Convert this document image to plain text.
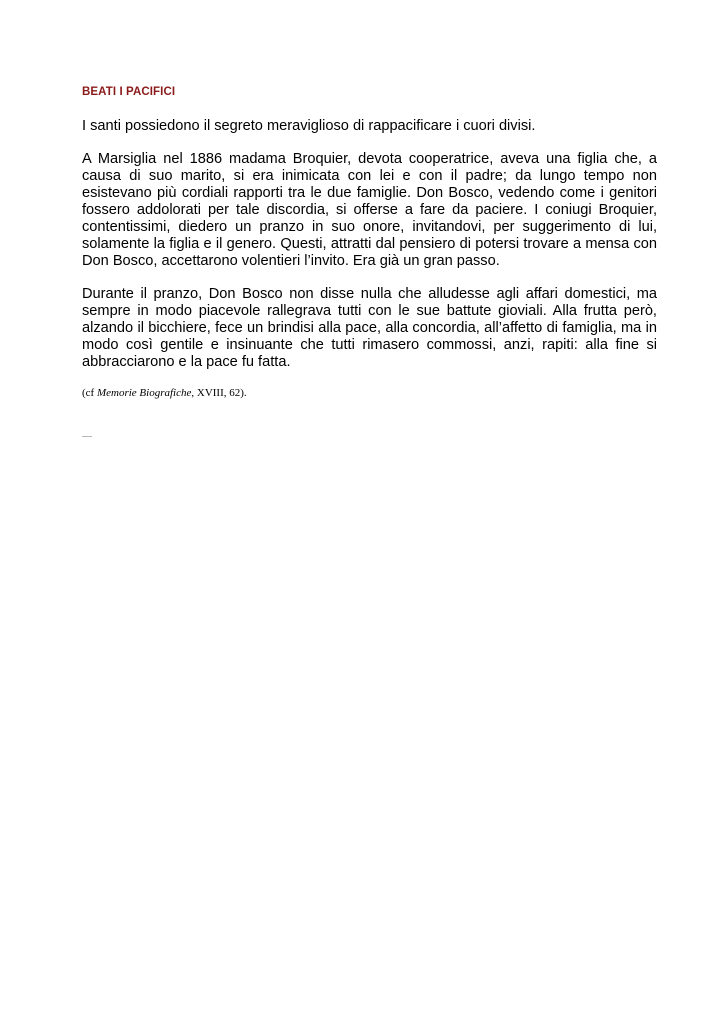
BEATI I PACIFICI

I santi possiedono il segreto meraviglioso di rappacificare i cuori divisi.

A Marsiglia nel 1886 madama Broquier, devota cooperatrice, aveva una figlia che, a causa di suo marito, si era inimicata con lei e con il padre; da lungo tempo non esistevano più cordiali rapporti tra le due famiglie. Don Bosco, vedendo come i genitori fossero addolorati per tale discordia, si offerse a fare da paciere. I coniugi Broquier, contentissimi, diedero un pranzo in suo onore, invitandovi, per suggerimento di lui, solamente la figlia e il genero. Questi, attratti dal pensiero di potersi trovare a mensa con Don Bosco, accettarono volentieri l’invito. Era già un gran passo.

Durante il pranzo, Don Bosco non disse nulla che alludesse agli affari domestici, ma sempre in modo piacevole rallegrava tutti con le sue battute gioviali. Alla frutta però, alzando il bicchiere, fece un brindisi alla pace, alla concordia, all’affetto di famiglia, ma in modo così gentile e insinuante che tutti rimasero commossi, anzi, rapiti: alla fine si abbracciarono e la pace fu fatta.

(cf Memorie Biografiche, XVIII, 62).
